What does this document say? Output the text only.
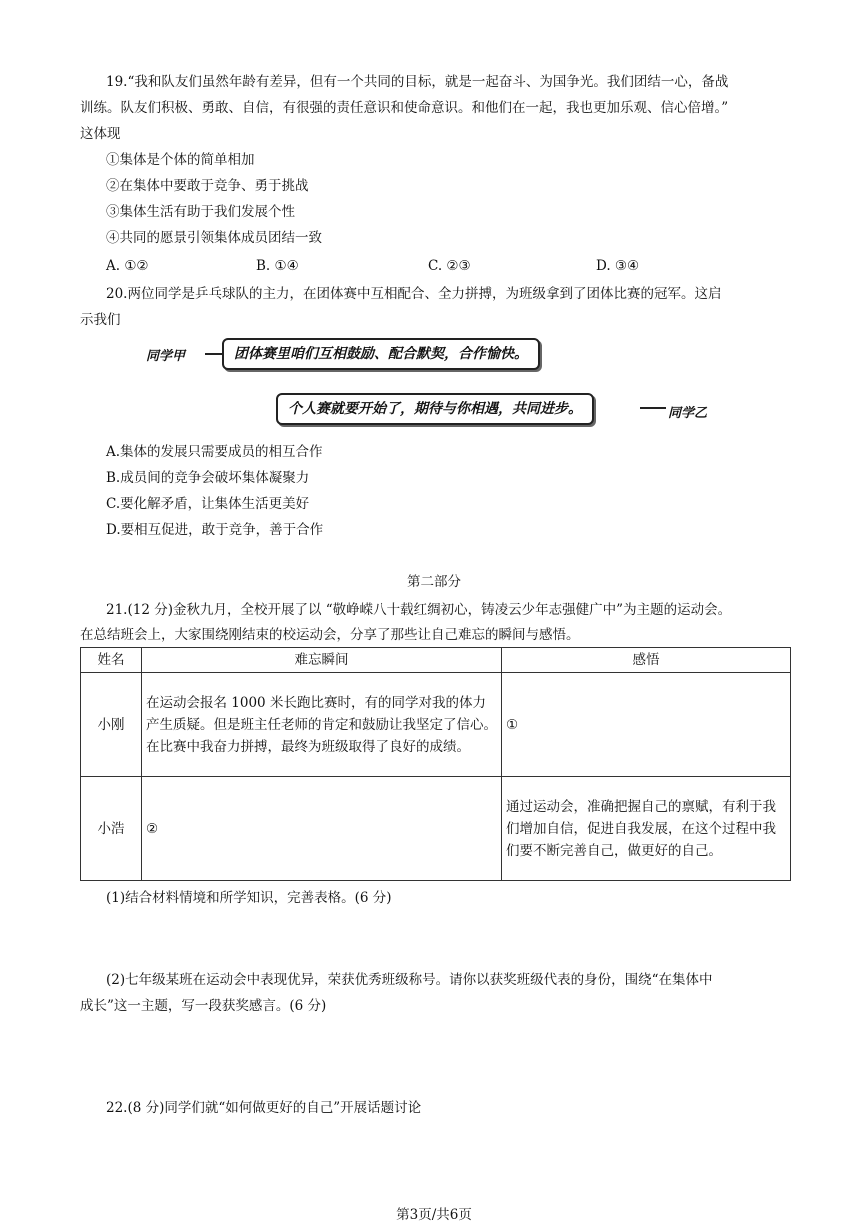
19.“我和队友们虽然年龄有差异，但有一个共同的目标，就是一起奋斗、为国争光。我们团结一心，备战
训练。队友们积极、勇敢、自信，有很强的责任意识和使命意识。和他们在一起，我也更加乐观、信心倍增。”
这体现
①集体是个体的简单相加
②在集体中要敢于竞争、勇于挑战
③集体生活有助于我们发展个性
④共同的愿景引领集体成员团结一致
A. ①②	B. ①④	C. ②③	D. ③④
20.两位同学是乒乓球队的主力，在团体赛中互相配合、全力拼搏，为班级拿到了团体比赛的冠军。这启
示我们
同学甲	团体赛里咱们互相鼓励、配合默契，合作愉快。
个人赛就要开始了，期待与你相遇，共同进步。	同学乙
A.集体的发展只需要成员的相互合作
B.成员间的竞争会破坏集体凝聚力
C.要化解矛盾，让集体生活更美好
D.要相互促进，敢于竞争，善于合作
第二部分
21.(12 分)金秋九月，全校开展了以 “敬峥嵘八十载红绸初心，铸凌云少年志强健广中”为主题的运动会。
在总结班会上，大家围绕刚结束的校运动会，分享了那些让自己难忘的瞬间与感悟。
姓名	难忘瞬间	感悟
小刚	在运动会报名 1000 米长跑比赛时，有的同学对我的体力产生质疑。但是班主任老师的肯定和鼓励让我坚定了信心。在比赛中我奋力拼搏，最终为班级取得了良好的成绩。	①
小浩	②	通过运动会，准确把握自己的禀赋，有利于我们增加自信，促进自我发展，在这个过程中我们要不断完善自己，做更好的自己。
(1)结合材料情境和所学知识，完善表格。(6 分)
(2)七年级某班在运动会中表现优异，荣获优秀班级称号。请你以获奖班级代表的身份，围绕“在集体中
成长”这一主题，写一段获奖感言。(6 分)
22.(8 分)同学们就“如何做更好的自己”开展话题讨论
第3页/共6页
